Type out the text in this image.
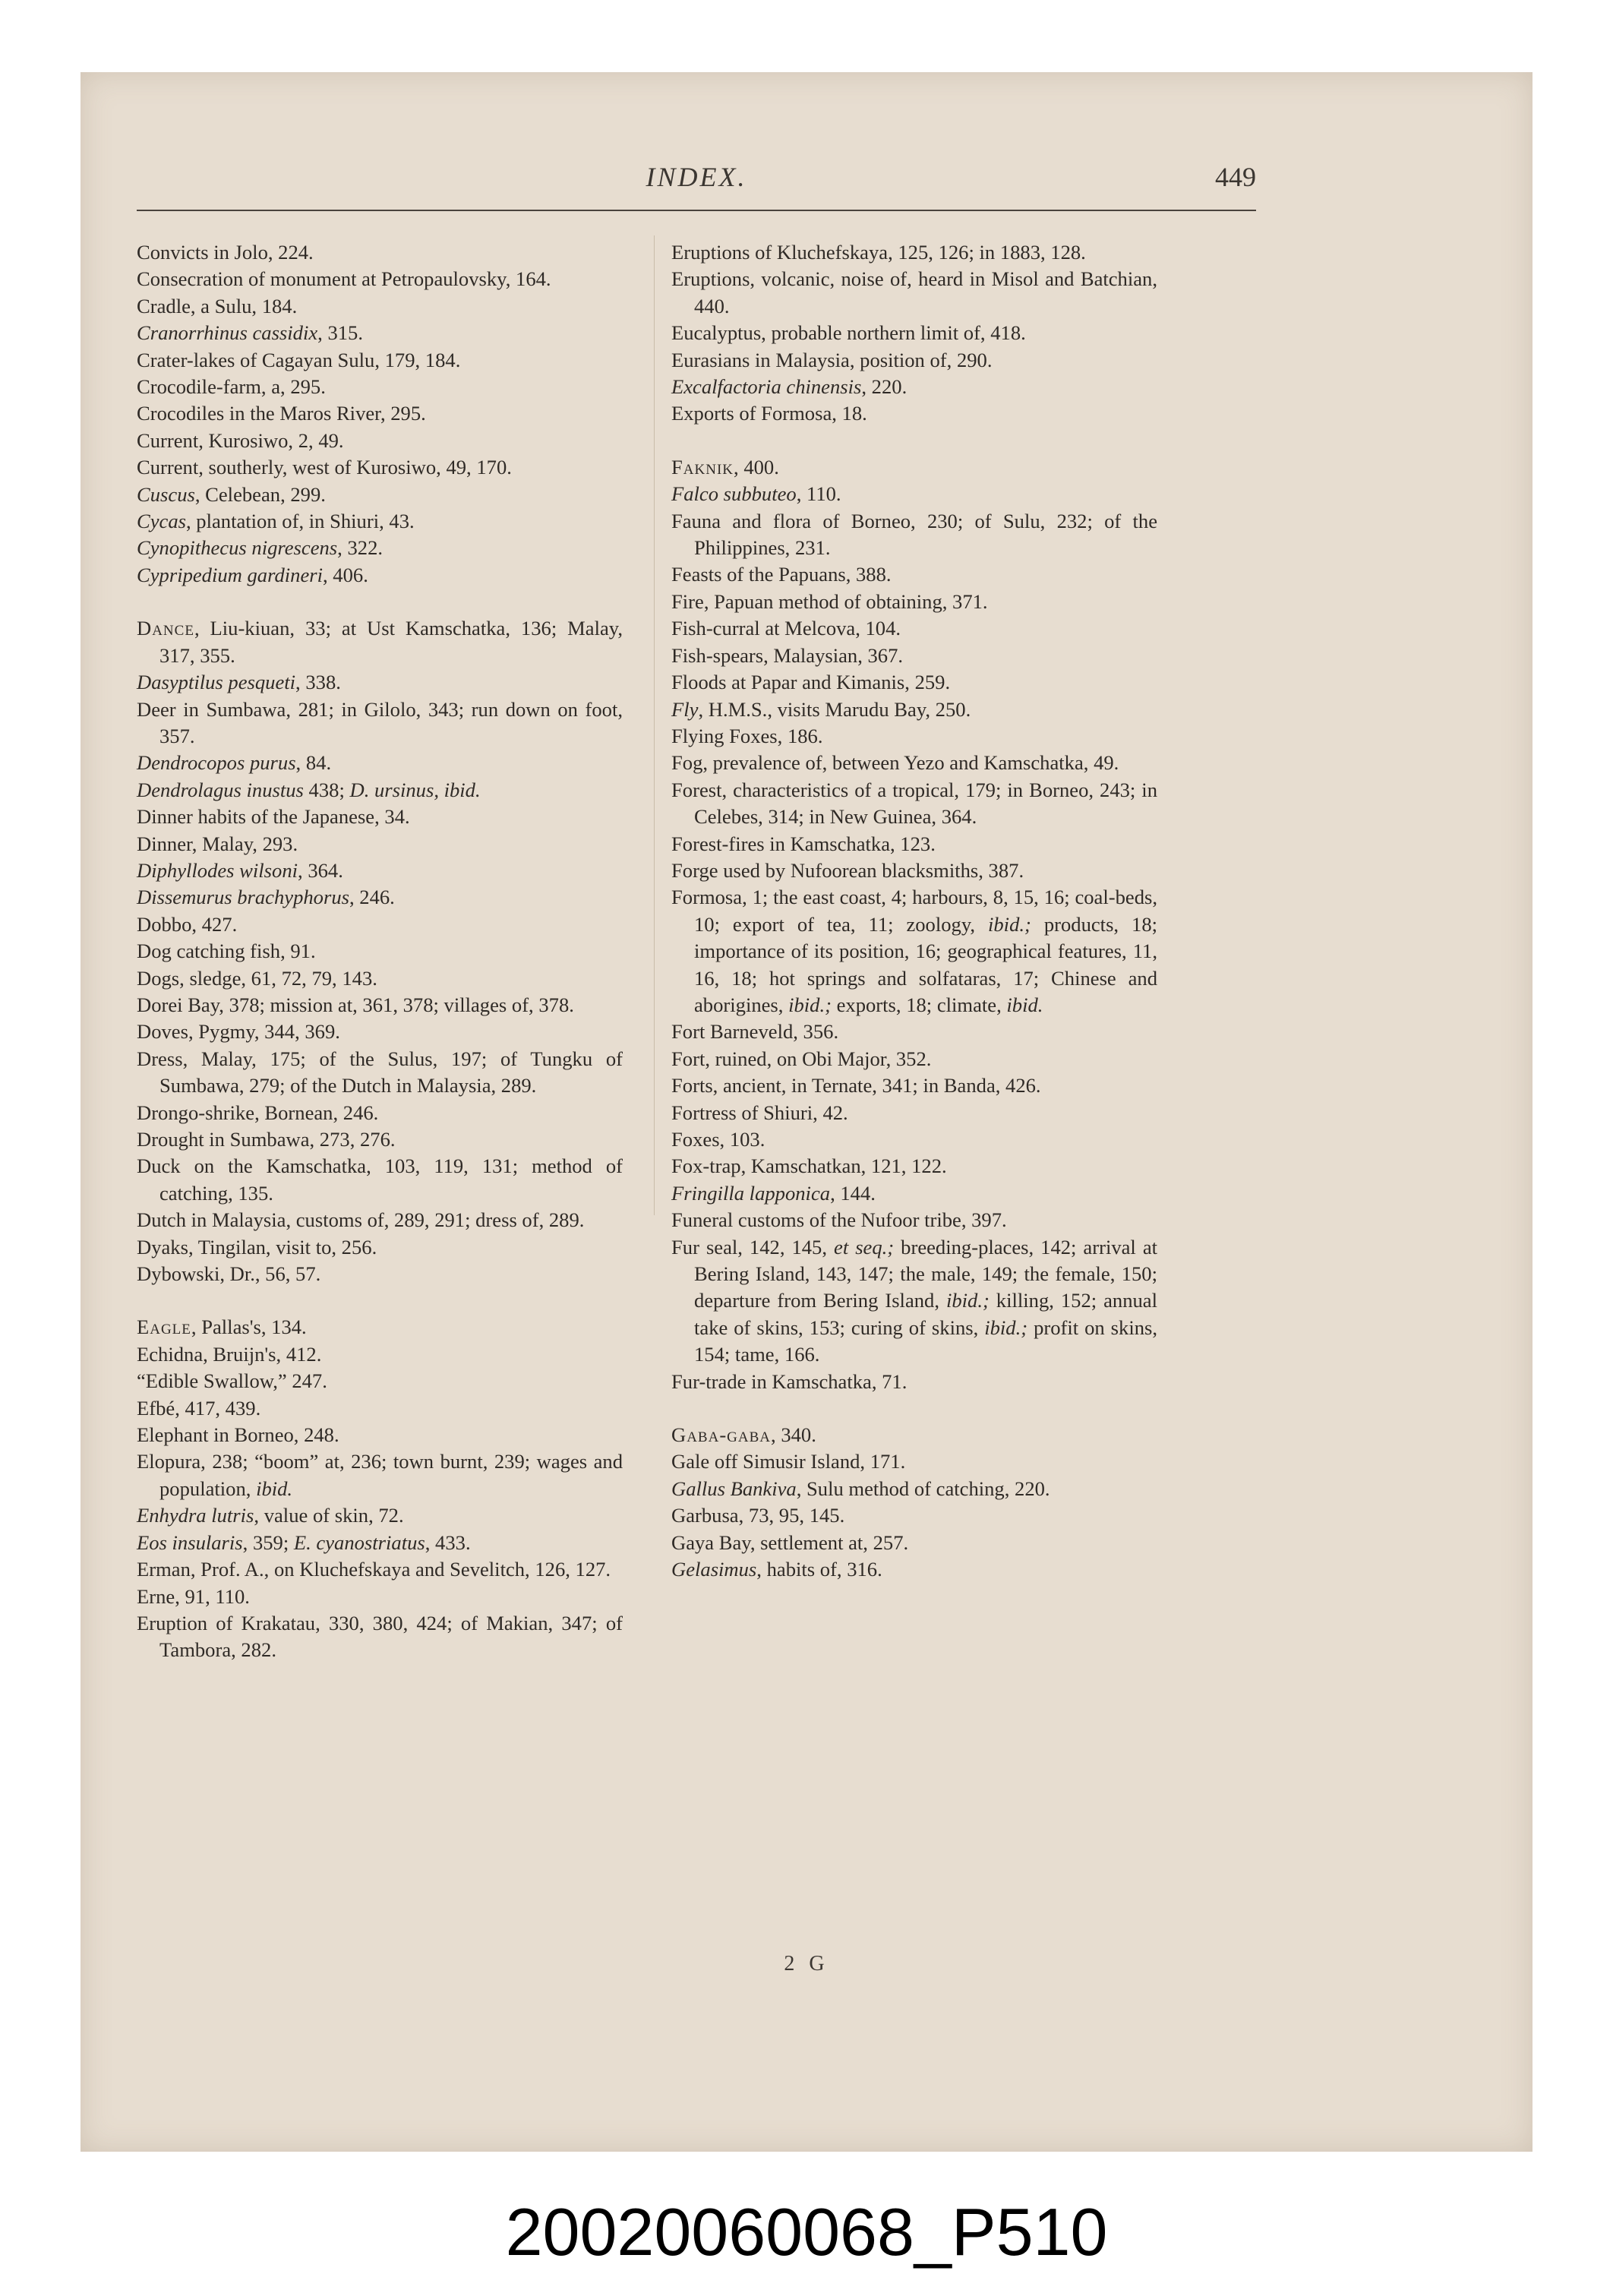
2 G
INDEX.	449

Convicts in Jolo, 224.

Consecration of monument at Petropaulovsky, 164.

Cradle, a Sulu, 184.

Cranorrhinus cassidix, 315.

Crater-lakes of Cagayan Sulu, 179, 184.

Crocodile-farm, a, 295.

Crocodiles in the Maros River, 295.

Current, Kurosiwo, 2, 49.

Current, southerly, west of Kurosiwo, 49, 170.

Cuscus, Celebean, 299.

Cycas, plantation of, in Shiuri, 43.

Cynopithecus nigrescens, 322.

Cypripedium gardineri, 406.

Dance, Liu-kiuan, 33; at Ust Kamschatka, 136; Malay, 317, 355.

Dasyptilus pesqueti, 338.

Deer in Sumbawa, 281; in Gilolo, 343; run down on foot, 357.

Dendrocopos purus, 84.

Dendrolagus inustus 438; D. ursinus, ibid.

Dinner habits of the Japanese, 34.

Dinner, Malay, 293.

Diphyllodes wilsoni, 364.

Dissemurus brachyphorus, 246.

Dobbo, 427.

Dog catching fish, 91.

Dogs, sledge, 61, 72, 79, 143.

Dorei Bay, 378; mission at, 361, 378; villages of, 378.

Doves, Pygmy, 344, 369.

Dress, Malay, 175; of the Sulus, 197; of Tungku of Sumbawa, 279; of the Dutch in Malaysia, 289.

Drongo-shrike, Bornean, 246.

Drought in Sumbawa, 273, 276.

Duck on the Kamschatka, 103, 119, 131; method of catching, 135.

Dutch in Malaysia, customs of, 289, 291; dress of, 289.

Dyaks, Tingilan, visit to, 256.

Dybowski, Dr., 56, 57.

Eagle, Pallas's, 134.

Echidna, Bruijn's, 412.

“Edible Swallow,” 247.

Efbé, 417, 439.

Elephant in Borneo, 248.

Elopura, 238; “boom” at, 236; town burnt, 239; wages and population, ibid.

Enhydra lutris, value of skin, 72.

Eos insularis, 359; E. cyanostriatus, 433.

Erman, Prof. A., on Kluchefskaya and Sevelitch, 126, 127.

Erne, 91, 110.

Eruption of Krakatau, 330, 380, 424; of Makian, 347; of Tambora, 282.

Eruptions of Kluchefskaya, 125, 126; in 1883, 128.

Eruptions, volcanic, noise of, heard in Misol and Batchian, 440.

Eucalyptus, probable northern limit of, 418.

Eurasians in Malaysia, position of, 290.

Excalfactoria chinensis, 220.

Exports of Formosa, 18.

Faknik, 400.

Falco subbuteo, 110.

Fauna and flora of Borneo, 230; of Sulu, 232; of the Philippines, 231.

Feasts of the Papuans, 388.

Fire, Papuan method of obtaining, 371.

Fish-curral at Melcova, 104.

Fish-spears, Malaysian, 367.

Floods at Papar and Kimanis, 259.

Fly, H.M.S., visits Marudu Bay, 250.

Flying Foxes, 186.

Fog, prevalence of, between Yezo and Kamschatka, 49.

Forest, characteristics of a tropical, 179; in Borneo, 243; in Celebes, 314; in New Guinea, 364.

Forest-fires in Kamschatka, 123.

Forge used by Nufoorean blacksmiths, 387.

Formosa, 1; the east coast, 4; harbours, 8, 15, 16; coal-beds, 10; export of tea, 11; zoology, ibid.; products, 18; importance of its position, 16; geographical features, 11, 16, 18; hot springs and solfataras, 17; Chinese and aborigines, ibid.; exports, 18; climate, ibid.

Fort Barneveld, 356.

Fort, ruined, on Obi Major, 352.

Forts, ancient, in Ternate, 341; in Banda, 426.

Fortress of Shiuri, 42.

Foxes, 103.

Fox-trap, Kamschatkan, 121, 122.

Fringilla lapponica, 144.

Funeral customs of the Nufoor tribe, 397.

Fur seal, 142, 145, et seq.; breeding-places, 142; arrival at Bering Island, 143, 147; the male, 149; the female, 150; departure from Bering Island, ibid.; killing, 152; annual take of skins, 153; curing of skins, ibid.; profit on skins, 154; tame, 166.

Fur-trade in Kamschatka, 71.

Gaba-gaba, 340.

Gale off Simusir Island, 171.

Gallus Bankiva, Sulu method of catching, 220.

Garbusa, 73, 95, 145.

Gaya Bay, settlement at, 257.

Gelasimus, habits of, 316.

20020060068_P510
